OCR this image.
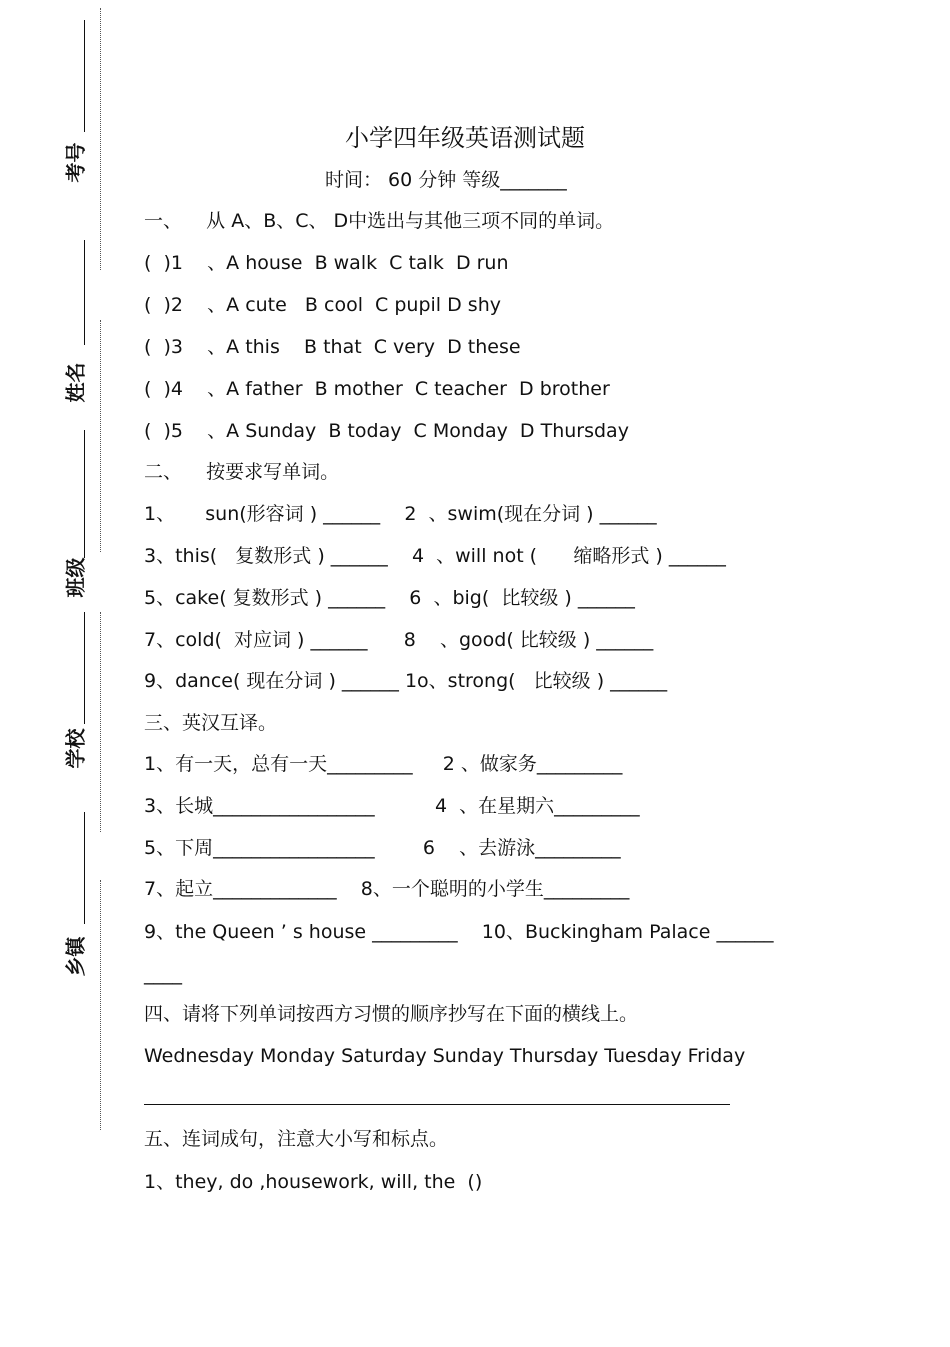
考号
姓名
班级
学校
乡镇
小学四年级英语测试题
时间： 60 分钟 等级_______
一、    从 A、B、C、 D中选出与其他三项不同的单词。
(  )1    、A house  B walk  C talk  D run
(  )2    、A cute   B cool  C pupil D shy
(  )3    、A this    B that  C very  D these
(  )4    、A father  B mother  C teacher  D brother
(  )5    、A Sunday  B today  C Monday  D Thursday
二、    按要求写单词。
1、     sun(形容词 ) ______    2  、swim(现在分词 ) ______
3、this(   复数形式 ) ______    4  、will not (      缩略形式 ) ______
5、cake( 复数形式 ) ______    6  、big(  比较级 ) ______
7、cold(  对应词 ) ______      8    、good( 比较级 ) ______
9、dance( 现在分词 ) ______ 1o、strong(   比较级 ) ______
三、英汉互译。
1、有一天，总有一天_________     2 、做家务_________
3、长城_________________          4  、在星期六_________
5、下周_________________        6    、去游泳_________
7、起立_____________    8、一个聪明的小学生_________
9、the Queen ’ s house _________    10、Buckingham Palace ______
____
四、请将下列单词按西方习惯的顺序抄写在下面的横线上。
Wednesday Monday Saturday Sunday Thursday Tuesday Friday
五、连词成句，注意大小写和标点。
1、they, do ,housework, will, the  ()
